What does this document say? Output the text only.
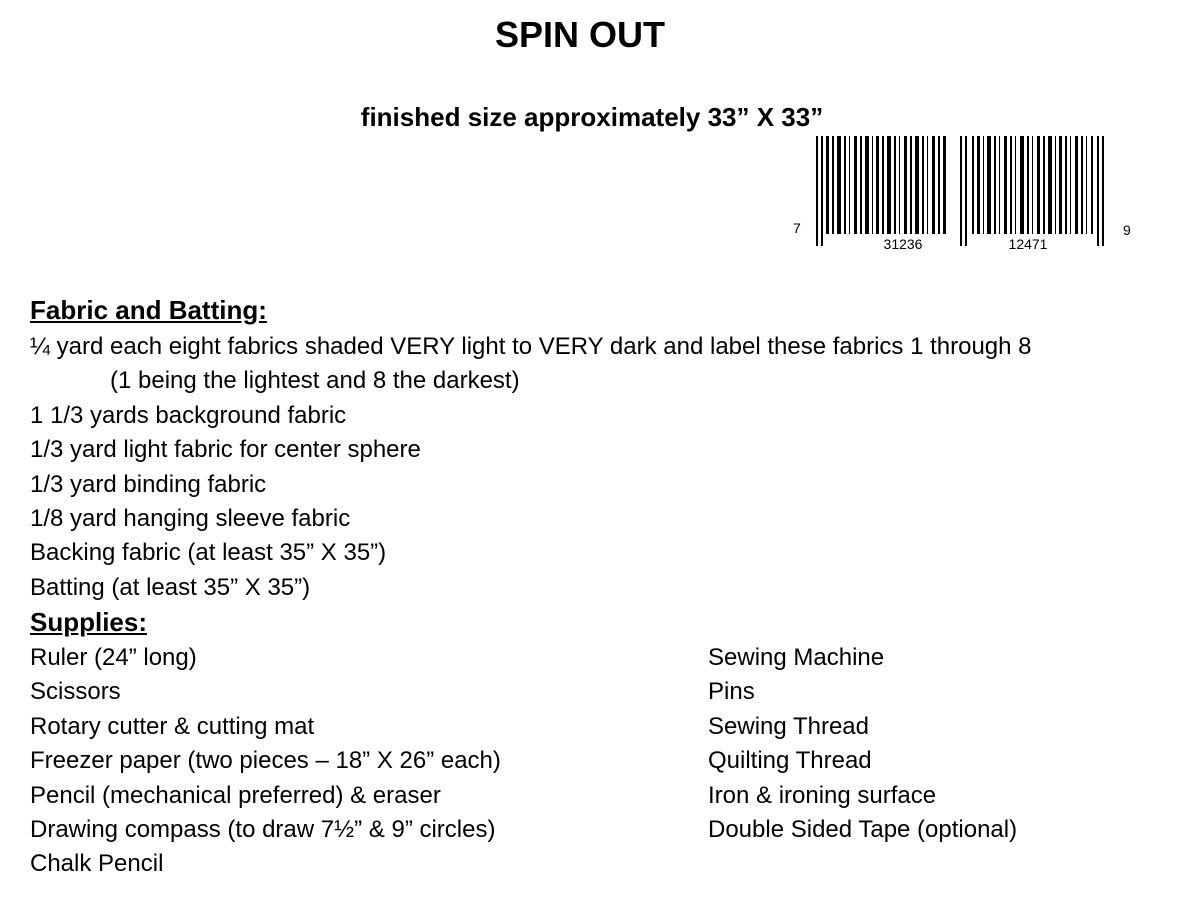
SPIN OUT

finished size approximately 33” X 33”

7
31236	12471
9
Fabric and Batting:
¼ yard each eight fabrics shaded VERY light to VERY dark and label these fabrics 1 through 8
(1 being the lightest and 8 the darkest)
1 1/3 yards background fabric
1/3 yard light fabric for center sphere
1/3 yard binding fabric
1/8 yard hanging sleeve fabric
Backing fabric (at least 35” X 35”)
Batting (at least 35” X 35”)
Supplies:
Ruler (24” long)
Scissors
Rotary cutter & cutting mat
Freezer paper (two pieces – 18” X 26” each)
Pencil (mechanical preferred) & eraser
Drawing compass (to draw 7½” & 9” circles)
Chalk Pencil
Sewing Machine
Pins
Sewing Thread
Quilting Thread
Iron & ironing surface
Double Sided Tape (optional)
